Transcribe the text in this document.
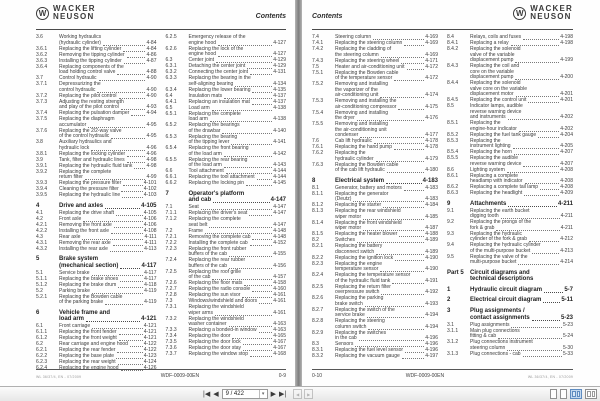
W
WACKER
NEUSON	Contents
3.6	Working hydraulics
(hydraulic cylinder)	4-84
3.6.1	Replacing the lifting cylinder	4-84
3.6.2	Removing the tipping cylinder	4-86
3.6.3	Installing the tipping cylinder	4-87
3.6.4	Replacing components of the
load holding control valve	4-88
3.7	Control hydraulic	4-90
3.7.1	Depressurizing the
control hydraulic	4-90
3.7.2	Replacing the pilot control	4-90
3.7.3	Adjusting the resting strength
and play of the pilot control	4-93
3.7.4	Replacing the pulsation damper	4-94
3.7.5	Replacing the diaphragm
accumulator	4-95
3.7.6	Replacing the 2/2-way valve
of the control hydraulic	4-95
3.8	Auxiliary hydraulics and
hydraulic lock	4-96
3.8.1	Replacing the locking cylinder	4-96
3.9	Tank, filter and hydraulic lines	4-98
3.9.1	Replacing the hydraulic fluid tank	4-98
3.9.2	Replacing the complete
return filter	4-99
3.9.3	Replacing the pressure filter	4-101
3.9.4	Cleaning the pressure filter	4-102
3.9.5	Replacing the hydraulic line	4-103
4	Drive and axles	4-105
4.1	Replacing the drive shaft	4-105
4.2	Front axle	4-106
4.2.1	Removing the front axle	4-106
4.2.2	Installing the front axle	4-108
4.3	Rear axle	4-111
4.3.1	Removing the rear axle	4-111
4.3.2	Installing the rear axle	4-113
5	Brake system
(mechanical section)	4-117
5.1	Service brake	4-117
5.1.1	Replacing the brake shoes	4-117
5.1.2	Replacing the brake drum	4-118
5.2	Parking brake	4-119
5.2.1	Replacing the Bowden cable
of the parking brake	4-119
6	Vehicle frame and
load arm	4-121
6.1	Front carriage	4-121
6.1.1	Replacing the front fender	4-121
6.1.2	Replacing the front weight	4-121
6.2	Rear carriage and engine hood	4-122
6.2.1	Replacing the rear fender	4-122
6.2.2	Replacing the base plate	4-123
6.2.3	Replacing the rear weight	4-124
6.2.4	Replacing the engine hood	4-126
6.2.5	Emergency release of the
engine hood	4-127
6.2.6	Replacing the lock of the
engine hood	4-127
6.3	Center joint	4-129
6.3.1	Detaching the center joint	4-129
6.3.2	Connecting the center joint	4-131
6.3.3	Replacing the bearing in the
self-aligning bearing	4-134
6.3.4	Replacing the lower bearing	4-135
6.4	Insulation mats	4-137
6.4.1	Replacing an insulation mat	4-137
6.5	Load arm	4-138
6.5.1	Replacing the complete
load arm	4-138
6.5.2	Replacing the bearings
of the drawbar	4-140
6.5.3	Replacing the bearing
of the tipping lever	4-141
6.5.4	Replacing the front bearing
of the load arm	4-142
6.5.5	Replacing the rear bearing
of the load arm	4-143
6.6	Tool attachment	4-144
6.6.1	Replacing the tool attachment	4-144
6.6.2	Replacing the locking pin	4-145
7	Operator's platform
and cab	4-147
7.1	Seat	4-147
7.1.1	Replacing the driver's seat	4-147
7.1.2	Replacing the complete
seat belt	4-147
7.2	Frame	4-148
7.2.1	Removing the complete cab	4-148
7.2.2	Installing the complete cab	4-152
7.2.3	Replacing the front rubber
buffers of the cab	4-155
7.2.4	Replacing the rear rubber
buffers of the cab	4-156
7.2.5	Replacing the roof grille
of the cab	4-157
7.2.6	Replacing the floor mats	4-158
7.2.7	Replacing the radio console	4-160
7.2.8	Replacing the sun visor	4-161
7.3	Windows/windshield and doors	4-161
7.3.1	Replacing the windshield
wiper arms	4-161
7.3.2	Replacing the windshield
washer container	4-163
7.3.3	Replacing a bonded-in window	4-163
7.3.4	Replacing the door	4-165
7.3.5	Replacing the door lock	4-167
7.3.6	Replacing the door stay	4-167
7.3.7	Replacing the window stop	4-168
WL 36/37/4, EN - 07/2009	WDF-0009-00EN	0-9
Contents	W
WACKER
NEUSON
7.4	Steering column	4-169
7.4.1	Replacing the steering column	4-169
7.4.2	Replacing the cladding of
the steering column	4-169
7.4.3	Replacing the steering wheel	4-171
7.5	Heater and air-conditioning unit	4-172
7.5.1	Replacing the Bowden cable
of the temperature sensor	4-172
7.5.2	Removing and installing
the vaporizer of the
air-conditioning unit	4-174
7.5.3	Removing and installing the
air-conditioning compressor	4-175
7.5.4	Removing and installing
the dryer	4-176
7.5.5	Removing and installing
the air-conditioning unit
condenser	4-177
7.6	Cab lift hydraulic	4-178
7.6.1	Replacing the hand pump	4-178
7.6.2	Replacing the
hydraulic cylinder	4-179
7.6.3	Replacing the Bowden cable
of the cab lift hydraulic	4-180
8	Electrical system	4-183
8.1	Generator, battery and motors	4-183
8.1.1	Replacing the generator
(Deutz)	4-183
8.1.2	Replacing the starter	4-184
8.1.3	Replacing the rear windshield
wiper motor	4-185
8.1.4	Replacing the front windshield
wiper motor	4-187
8.1.5	Replacing the heater blower	4-188
8.2	Switches	4-189
8.2.1	Replacing the battery
disconnect switch	4-189
8.2.2	Replacing the ignition lock	4-190
8.2.3	Replacing the engine
temperature sensor	4-190
8.2.4	Replacing the temperature sensor
of the hydraulic fluid tank	4-191
8.2.5	Replacing the return filter
overpressure switch	4-192
8.2.6	Replacing the parking
brake switch	4-193
8.2.7	Replacing the switch of the
service brake	4-194
8.2.8	Replacing the steering
column switch	4-194
8.2.9	Replacing the switches
in the cab	4-196
8.3	Sensors	4-196
8.3.1	Replacing the fuel level sensor	4-196
8.3.2	Replacing the vacuum gauge	4-197
8.4	Relays, coils and fuses	4-198
8.4.1	Replacing a relay	4-198
8.4.2	Replacing the solenoid
valve of the variable
displacement pump	4-199
8.4.3	Replacing the coil and
core on the variable
displacement pump	4-200
8.4.4	Replacing the solenoid
valve core on the variable
displacement motor	4-201
8.4.5	Replacing the control unit	4-201
8.5	Indicator lamps, audible
reverse warning device
and instruments	4-202
8.5.1	Replacing the
engine-hour indicator	4-202
8.5.2	Replacing the fuel tank gauge	4-204
8.5.3	Replacing the
instrument lighting	4-205
8.5.4	Replacing the horn	4-207
8.5.5	Replacing the audible
reverse warning device	4-207
8.6	Lighting system	4-208
8.6.1	Replacing a complete
headlamp with indicator	4-208
8.6.2	Replacing a complete tail lamp	4-208
8.6.3	Replacing the headlight	4-209
9	Attachments	4-211
9.1	Replacing the earth bucket
digging tooth	4-211
9.2	Replacing the prongs of the
fork & grab	4-211
9.3	Replacing the hydraulic
cylinder of the fork & grab	4-212
9.4	Replacing the hydraulic cylinder
of the multi-purpose bucket	4-213
9.5	Replacing the valve of the
multi-purpose bucket	4-214
Part 5	Circuit diagrams and
technical descriptions
1	Hydraulic circuit diagram	5-7
2	Electrical circuit diagram	5-11
3	Plug assignments /
contact assignments	5-23
3.1	Plug assignments	5-23
3.1.1	Main plug connections
fitting & cab	5-24
3.1.2	Plug connections instrument
steering column	5-30
3.1.3	Plug connections - cab	5-33
0-10	WDF-0009-00EN	WL 36/37/4, EN - 07/2009
|◀ ◀	9 / 422	▾ ▶ ▶|	◀	▶
